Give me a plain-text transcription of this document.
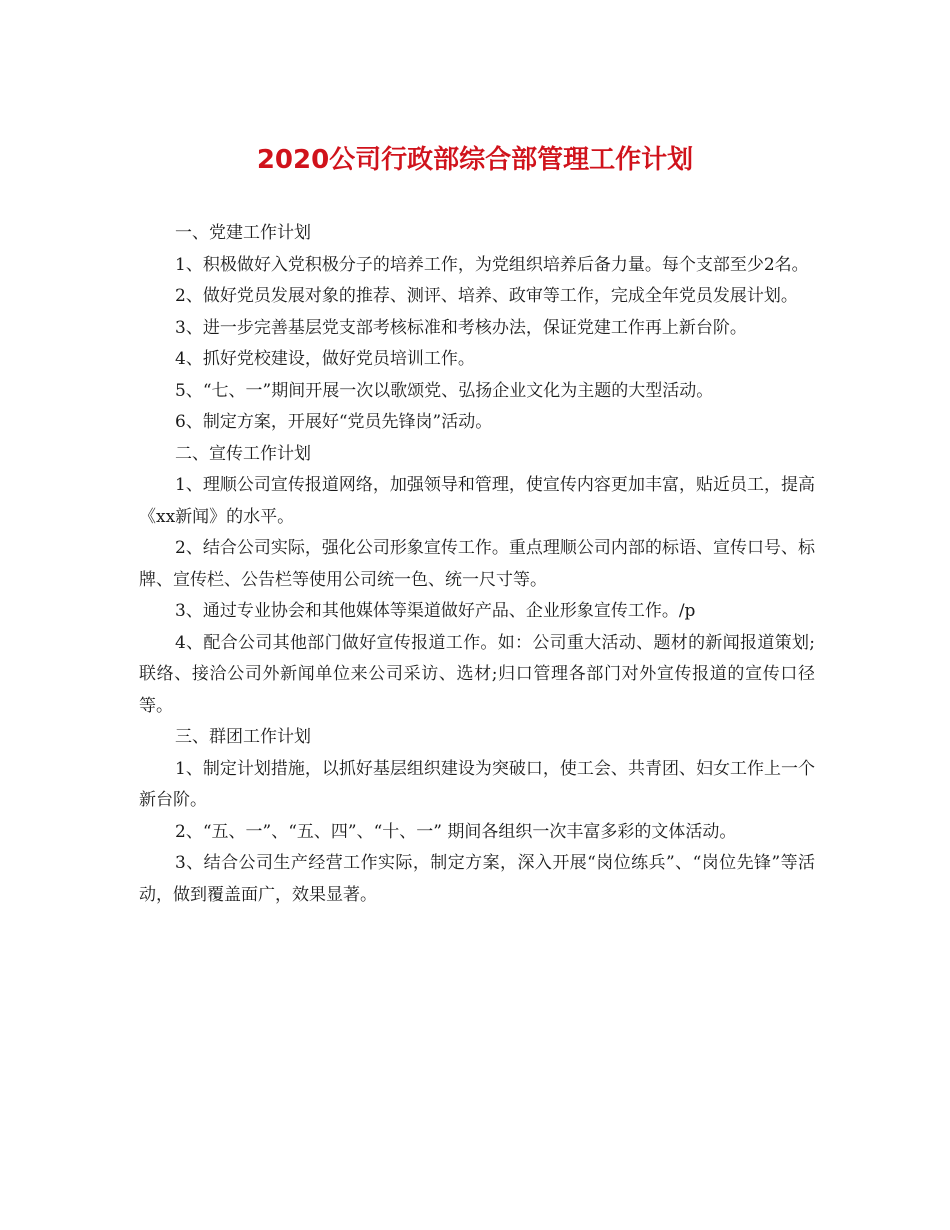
2020公司行政部综合部管理工作计划

一、党建工作计划

1、积极做好入党积极分子的培养工作，为党组织培养后备力量。每个支部至少2名。

2、做好党员发展对象的推荐、测评、培养、政审等工作，完成全年党员发展计划。

3、进一步完善基层党支部考核标准和考核办法，保证党建工作再上新台阶。

4、抓好党校建设，做好党员培训工作。

5、“七、一”期间开展一次以歌颂党、弘扬企业文化为主题的大型活动。

6、制定方案，开展好“党员先锋岗”活动。

二、宣传工作计划

1、理顺公司宣传报道网络，加强领导和管理，使宣传内容更加丰富，贴近员工，提高《xx新闻》的水平。

2、结合公司实际，强化公司形象宣传工作。重点理顺公司内部的标语、宣传口号、标牌、宣传栏、公告栏等使用公司统一色、统一尺寸等。

3、通过专业协会和其他媒体等渠道做好产品、企业形象宣传工作。/p

4、配合公司其他部门做好宣传报道工作。如：公司重大活动、题材的新闻报道策划;联络、接洽公司外新闻单位来公司采访、选材;归口管理各部门对外宣传报道的宣传口径等。

三、群团工作计划

1、制定计划措施，以抓好基层组织建设为突破口，使工会、共青团、妇女工作上一个新台阶。

2、“五、一”、“五、四”、“十、一” 期间各组织一次丰富多彩的文体活动。

3、结合公司生产经营工作实际，制定方案，深入开展“岗位练兵”、“岗位先锋”等活动，做到覆盖面广，效果显著。
